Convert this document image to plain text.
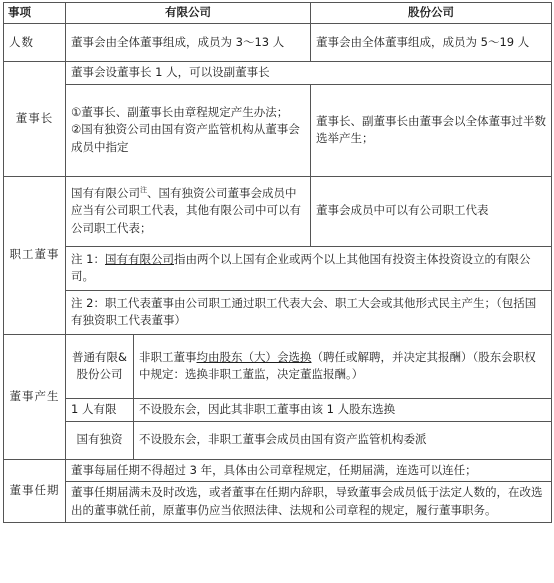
事项	有限公司		股份公司
人数	董事会由全体董事组成，成员为 3～13 人		董事会由全体董事组成，成员为 5～19 人
董事长	董事会设董事长 1 人，可以设副董事长		

	①董事长、副董事长由章程规定产生办法；
②国有独资公司由国有资产监管机构从董事会成员中指定		董事长、副董事长由董事会以全体董事过半数选举产生；
职工董事	国有有限公司$^注$、国有独资公司董事会成员中应当有公司职工代表，其他有限公司中可以有公司职工代表；		董事会成员中可以有公司职工代表
	注 1：国有有限公司指由两个以上国有企业或两个以上其他国有投资主体投资设立的有限公司。		
	注 2：职工代表董事由公司职工通过职工代表大会、职工大会或其他形式民主产生；（包括国有独资职工代表董事）		
董事产生	普通有限&股份公司	非职工董事均由股东（大）会选换（聘任或解聘，并决定其报酬）（股东会职权中规定：选换非职工董监，决定董监报酬。）	
	1 人有限	不设股东会，因此其非职工董事由该 1 人股东选换	
	国有独资	不设股东会，非职工董事会成员由国有资产监管机构委派	
董事任期	董事每届任期不得超过 3 年，具体由公司章程规定，任期届满，连选可以连任；		
	董事任期届满未及时改选，或者董事在任期内辞职，导致董事会成员低于法定人数的，在改选出的董事就任前，原董事仍应当依照法律、法规和公司章程的规定，履行董事职务。		
